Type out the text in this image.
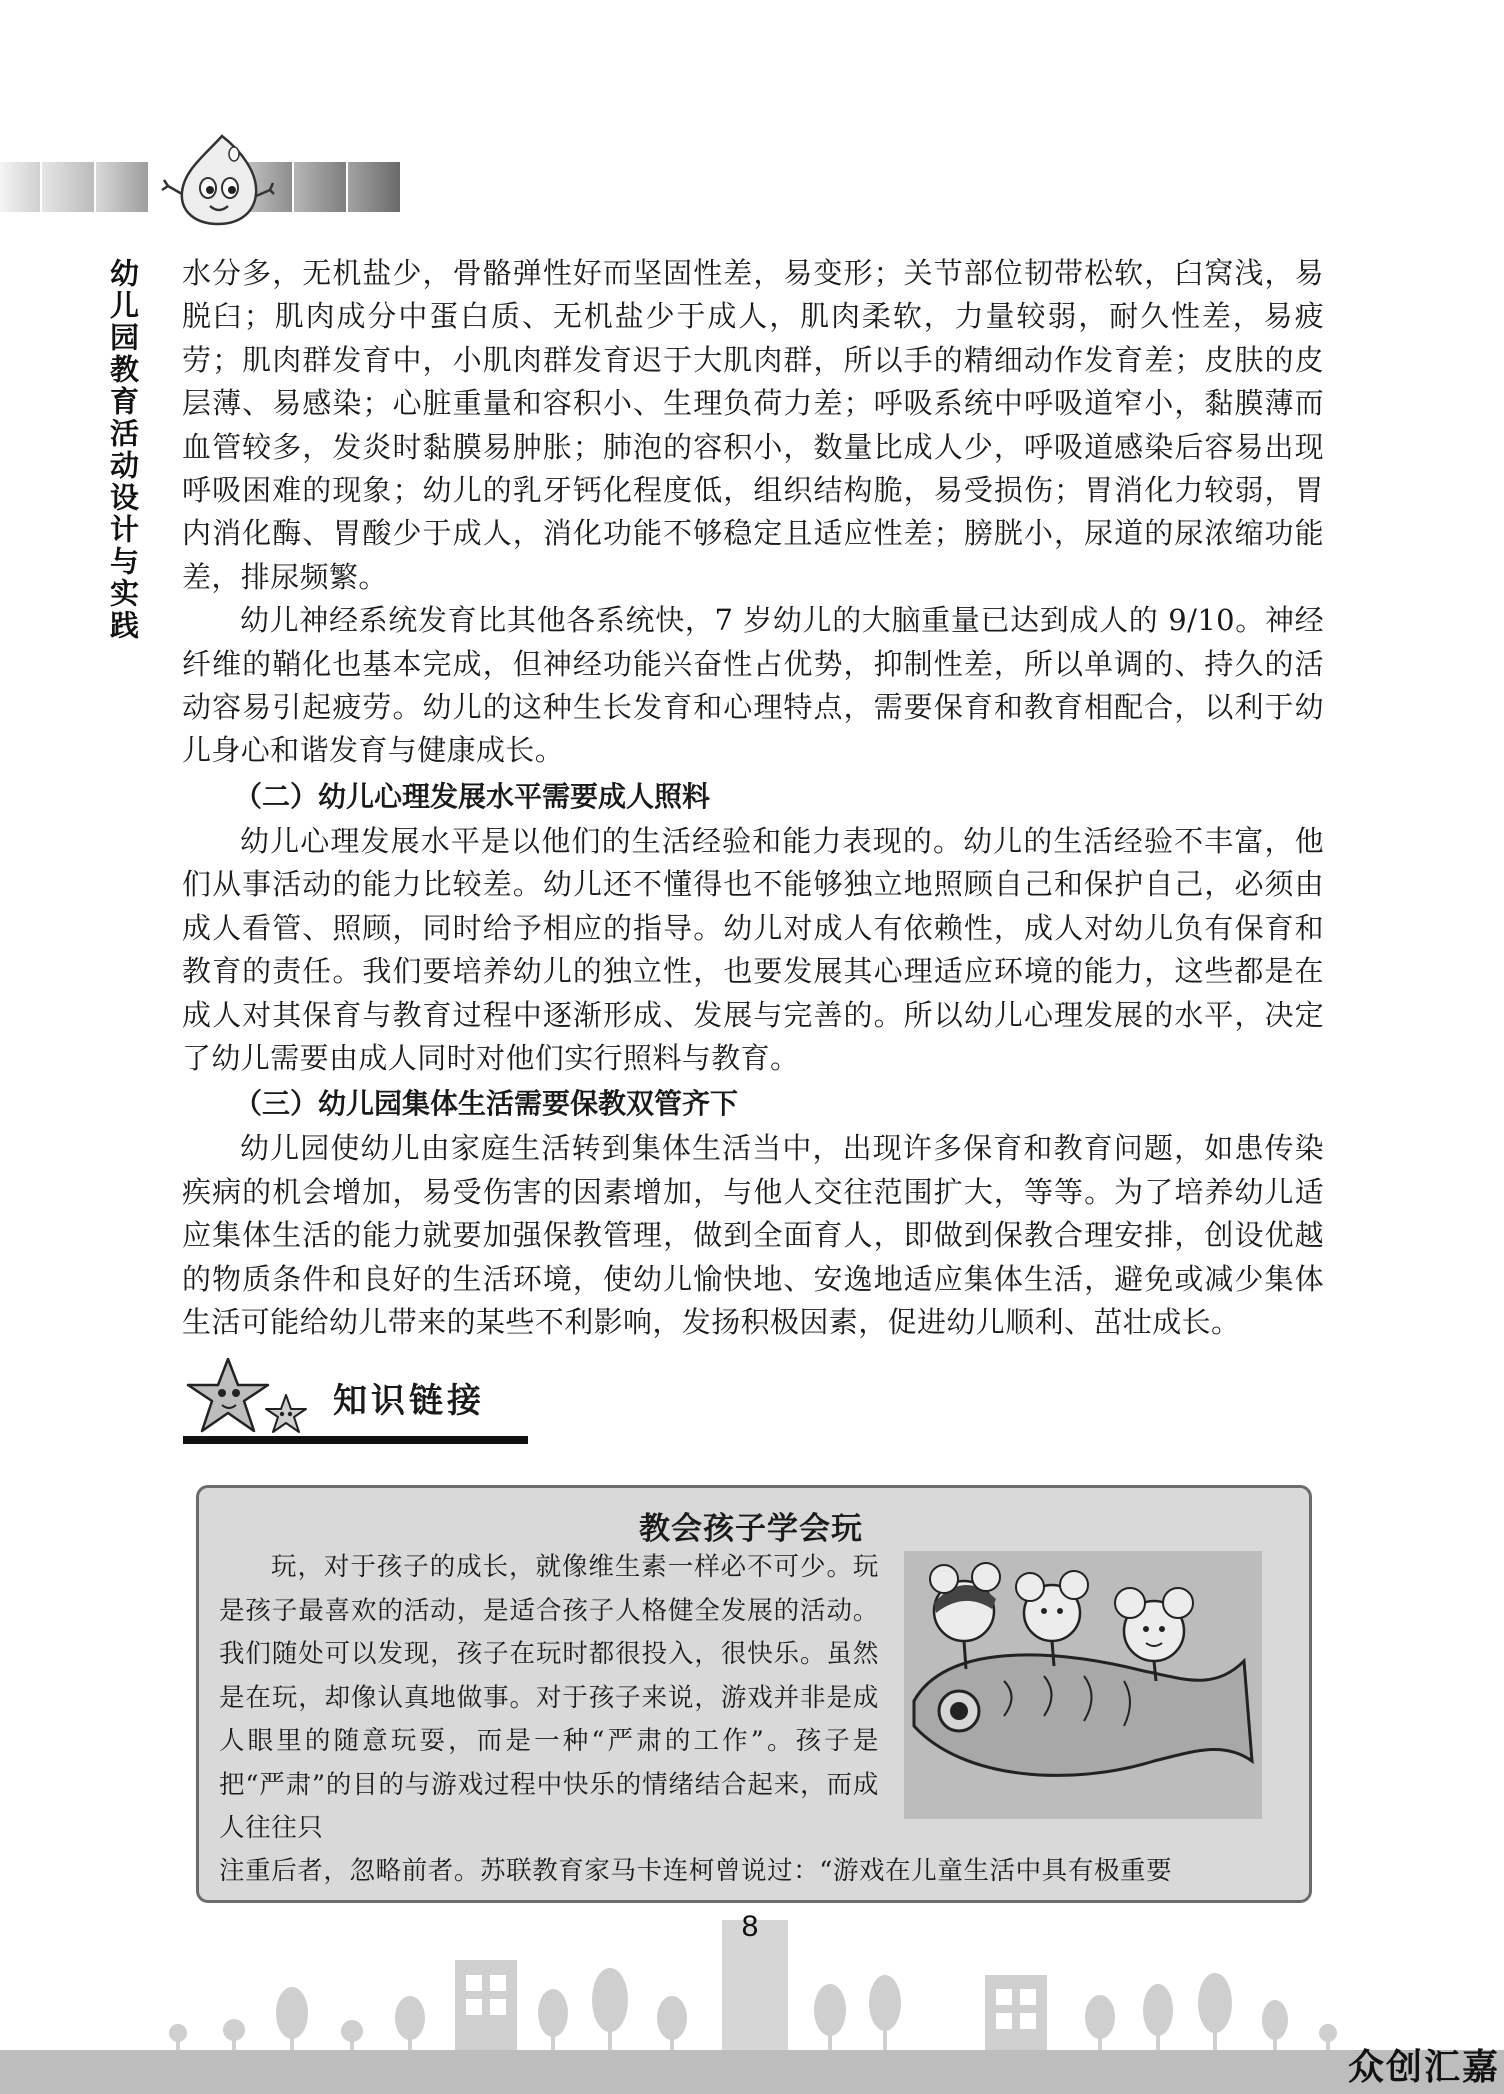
幼儿园教育活动设计与实践 水分多，无机盐少，骨骼弹性好而坚固性差，易变形；关节部位韧带松软，臼窝浅，易脱臼；肌肉成分中蛋白质、无机盐少于成人，肌肉柔软，力量较弱，耐久性差，易疲劳；肌肉群发育中，小肌肉群发育迟于大肌肉群，所以手的精细动作发育差；皮肤的皮层薄、易感染；心脏重量和容积小、生理负荷力差；呼吸系统中呼吸道窄小，黏膜薄而血管较多，发炎时黏膜易肿胀；肺泡的容积小，数量比成人少，呼吸道感染后容易出现呼吸困难的现象；幼儿的乳牙钙化程度低，组织结构脆，易受损伤；胃消化力较弱，胃内消化酶、胃酸少于成人，消化功能不够稳定且适应性差；膀胱小，尿道的尿浓缩功能差，排尿频繁。

幼儿神经系统发育比其他各系统快，7 岁幼儿的大脑重量已达到成人的 9/10。神经纤维的鞘化也基本完成，但神经功能兴奋性占优势，抑制性差，所以单调的、持久的活动容易引起疲劳。幼儿的这种生长发育和心理特点，需要保育和教育相配合，以利于幼儿身心和谐发育与健康成长。

（二）幼儿心理发展水平需要成人照料

幼儿心理发展水平是以他们的生活经验和能力表现的。幼儿的生活经验不丰富，他们从事活动的能力比较差。幼儿还不懂得也不能够独立地照顾自己和保护自己，必须由成人看管、照顾，同时给予相应的指导。幼儿对成人有依赖性，成人对幼儿负有保育和教育的责任。我们要培养幼儿的独立性，也要发展其心理适应环境的能力，这些都是在成人对其保育与教育过程中逐渐形成、发展与完善的。所以幼儿心理发展的水平，决定了幼儿需要由成人同时对他们实行照料与教育。

（三）幼儿园集体生活需要保教双管齐下

幼儿园使幼儿由家庭生活转到集体生活当中，出现许多保育和教育问题，如患传染疾病的机会增加，易受伤害的因素增加，与他人交往范围扩大，等等。为了培养幼儿适应集体生活的能力就要加强保教管理，做到全面育人，即做到保教合理安排，创设优越的物质条件和良好的生活环境，使幼儿愉快地、安逸地适应集体生活，避免或减少集体生活可能给幼儿带来的某些不利影响，发扬积极因素，促进幼儿顺利、茁壮成长。

知识链接
教会孩子学会玩

玩，对于孩子的成长，就像维生素一样必不可少。玩是孩子最喜欢的活动，是适合孩子人格健全发展的活动。我们随处可以发现，孩子在玩时都很投入，很快乐。虽然是在玩，却像认真地做事。对于孩子来说，游戏并非是成人眼里的随意玩耍，而是一种“严肃的工作”。孩子是把“严肃”的目的与游戏过程中快乐的情绪结合起来，而成人往往只

注重后者，忽略前者。苏联教育家马卡连柯曾说过：“游戏在儿童生活中具有极重要

8
众创汇嘉
